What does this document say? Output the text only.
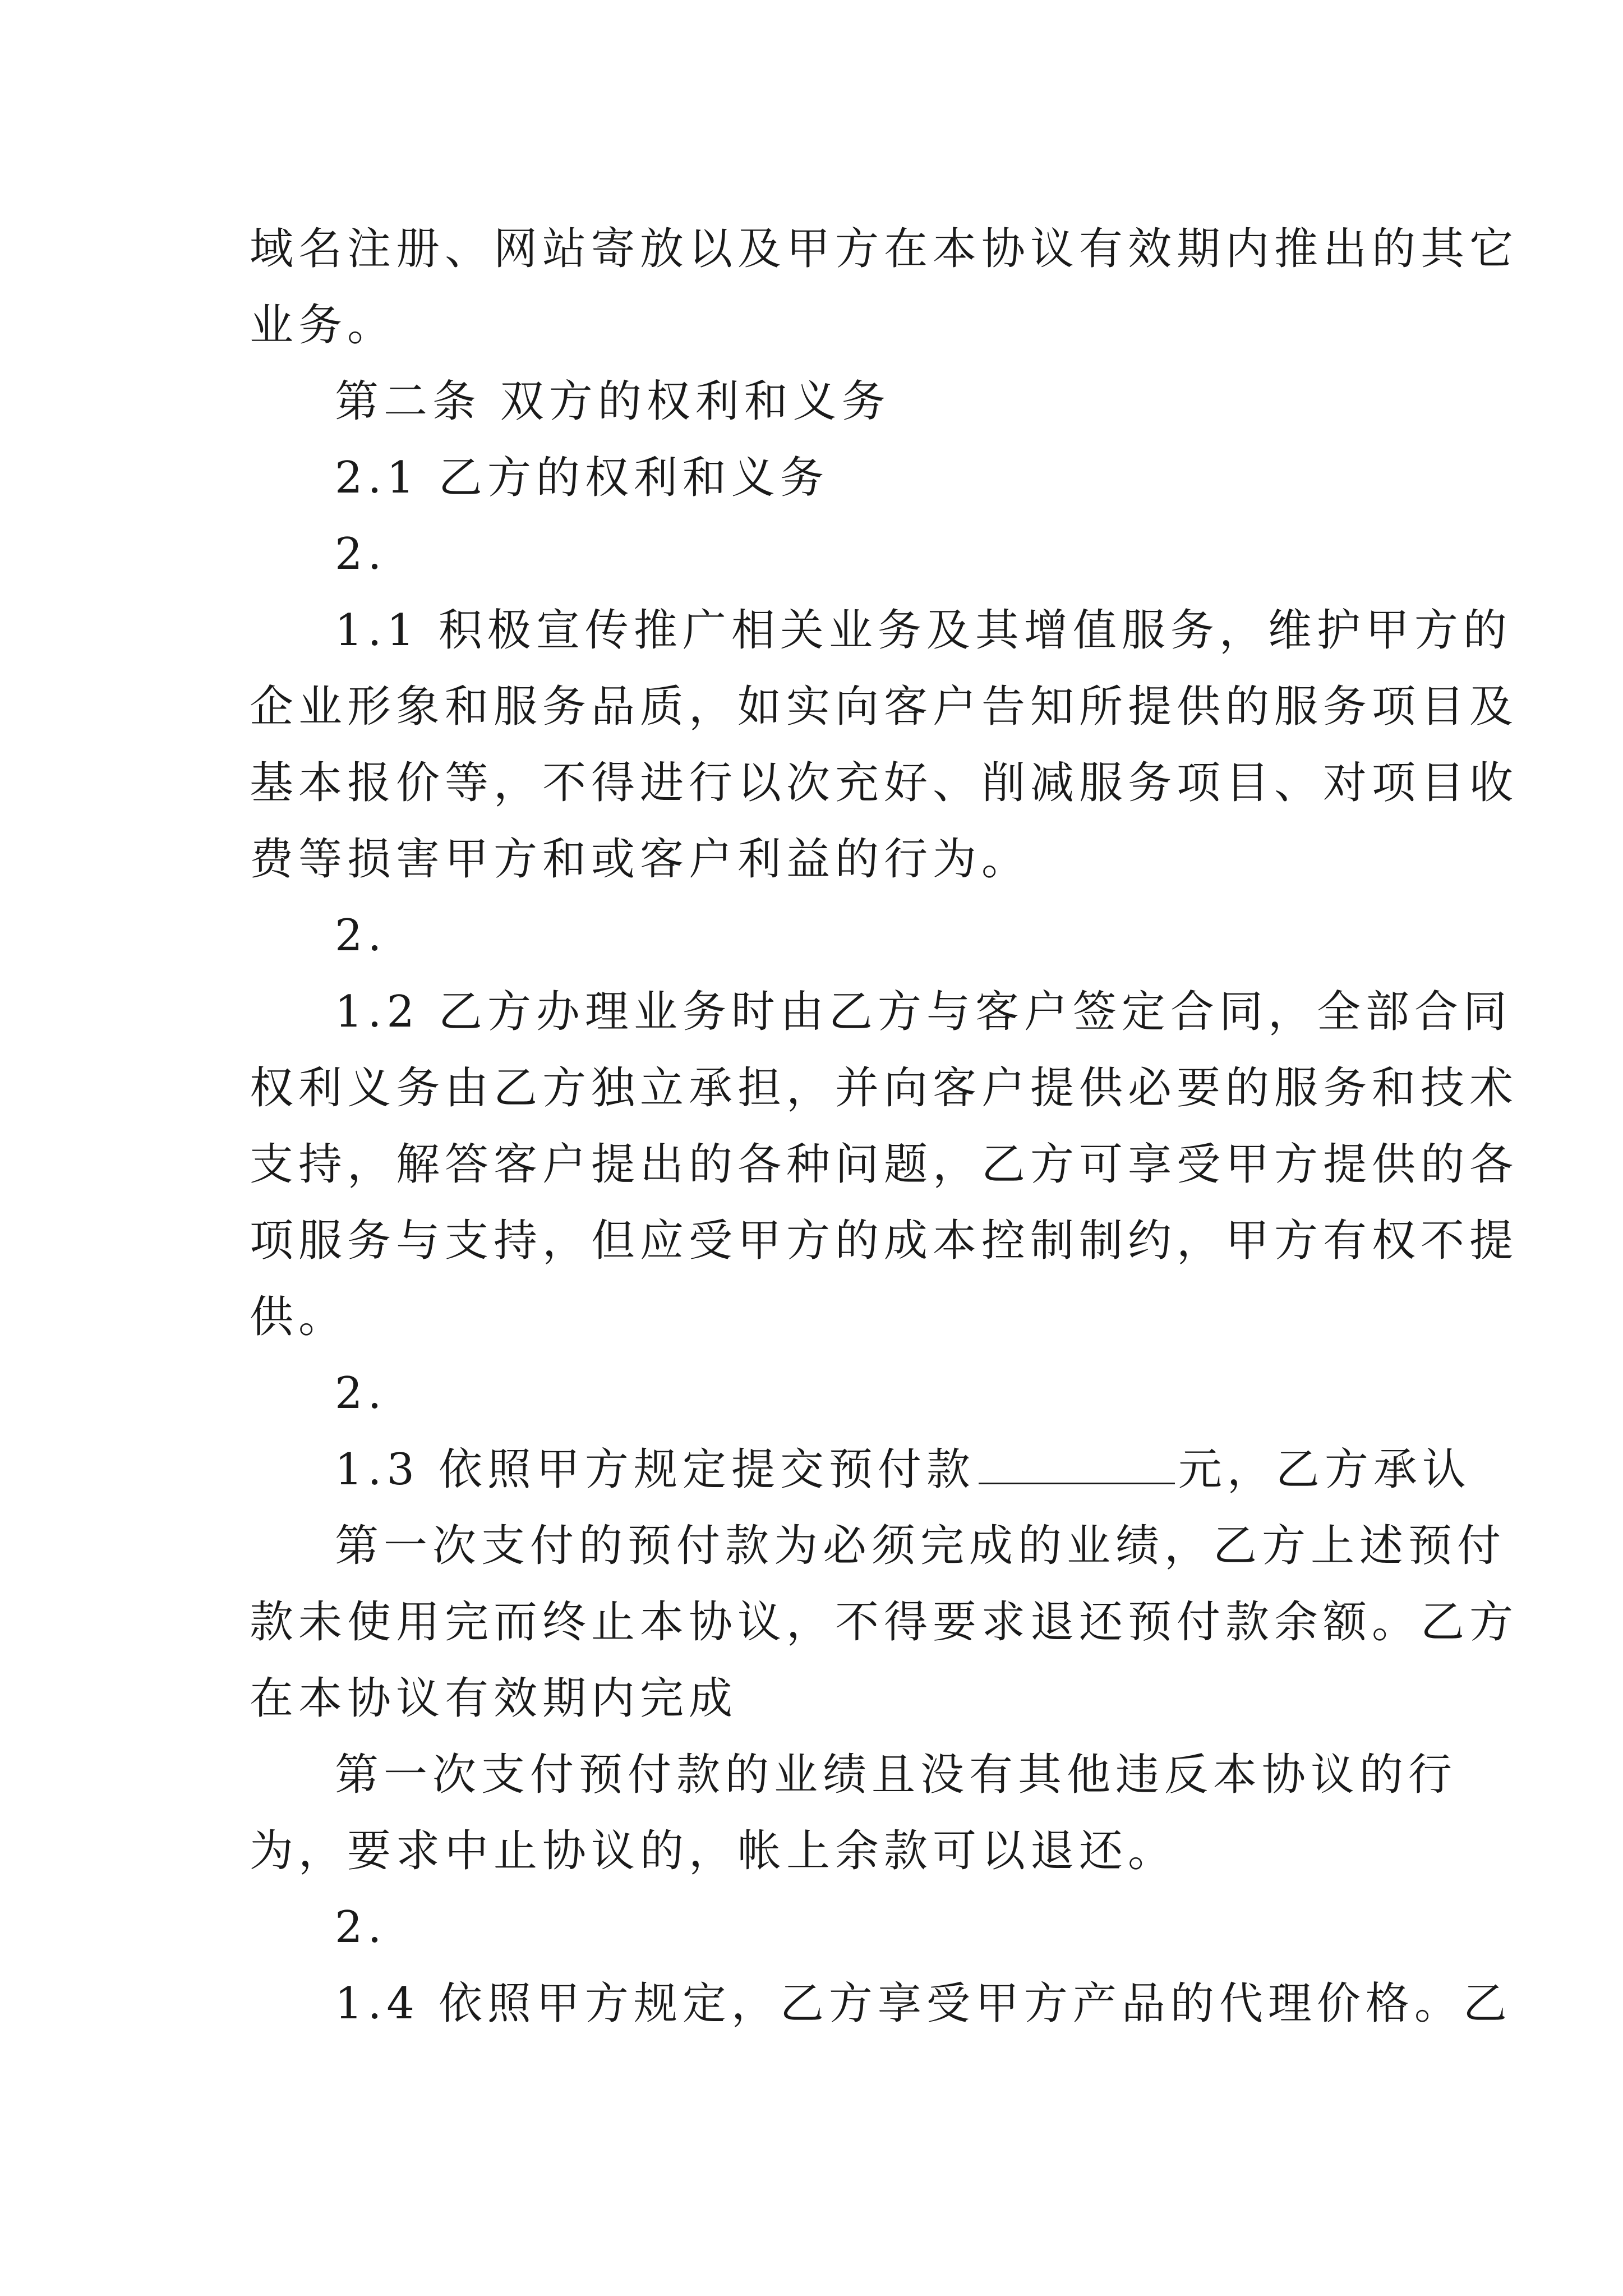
域名注册、网站寄放以及甲方在本协议有效期内推出的其它

业务。

第二条 双方的权利和义务

2.1 乙方的权利和义务

2.

1.1 积极宣传推广相关业务及其增值服务，维护甲方的

企业形象和服务品质，如实向客户告知所提供的服务项目及

基本报价等，不得进行以次充好、削减服务项目、对项目收

费等损害甲方和或客户利益的行为。

2.

1.2 乙方办理业务时由乙方与客户签定合同，全部合同

权利义务由乙方独立承担，并向客户提供必要的服务和技术

支持，解答客户提出的各种问题，乙方可享受甲方提供的各

项服务与支持，但应受甲方的成本控制制约，甲方有权不提

供。

2.

1.3 依照甲方规定提交预付款	元，乙方承认

第一次支付的预付款为必须完成的业绩，乙方上述预付

款未使用完而终止本协议，不得要求退还预付款余额。乙方

在本协议有效期内完成

第一次支付预付款的业绩且没有其他违反本协议的行

为，要求中止协议的，帐上余款可以退还。

2.

1.4 依照甲方规定，乙方享受甲方产品的代理价格。乙
